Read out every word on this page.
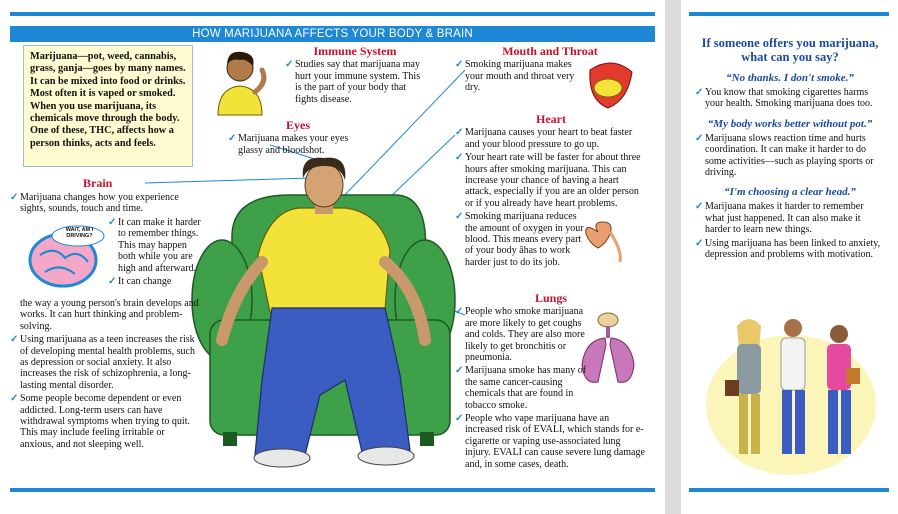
HOW MARIJUANA AFFECTS YOUR BODY & BRAIN
Marijuana—pot, weed, cannabis, grass, ganja—goes by many names. It can be mixed into food or drinks. Most often it is vaped or smoked. When you use marijuana, its chemicals move through the body. One of these, THC, affects how a person thinks, acts and feels.

Immune System

✓ Studies say that marijuana may hurt your immune system. This is the part of your body that fights disease.

Eyes

✓ Marijuana makes your eyes glassy and bloodshot.

Brain

WAIT, AM I DRIVING?

✓ Marijuana changes how you experience sights, sounds, touch and time.

✓ It can make it harder to remember things. This may happen both while you are high and afterward.

✓ It can change

the way a young person's brain develops and works. It can hurt thinking and problem-solving.

✓ Using marijuana as a teen increases the risk of developing mental health problems, such as depression or social anxiety. It also increases the risk of schizophrenia, a long-lasting mental disorder.

✓ Some people become dependent or even addicted. Long-term users can have withdrawal symptoms when trying to quit. This may include feeling irritable or anxious, and not sleeping well.

Mouth and Throat

✓ Smoking marijuana makes your mouth and throat very dry.

Heart

✓ Marijuana causes your heart to beat faster and your blood pressure to go up.

✓ Your heart rate will be faster for about three hours after smoking marijuana. This can increase your chance of having a heart attack, especially if you are an older person or if you already have heart problems.

✓ Smoking marijuana reduces the amount of oxygen in your blood. This means every part of your body âhas to work harder just to do its job.

Lungs

✓ People who smoke marijuana are more likely to get coughs and colds. They are also more likely to get bronchitis or pneumonia.

✓ Marijuana smoke has many of the same cancer-causing chemicals that are found in tobacco smoke.

✓ People who vape marijuana have an increased risk of EVALI, which stands for e-cigarette or vaping use-associated lung injury. EVALI can cause severe lung damage and, in some cases, death.

If someone offers you marijuana, what can you say?

“No thanks. I don't smoke.”

✓ You know that smoking cigarettes harms your health. Smoking marijuana does too.

“My body works better without pot.”

✓ Marijuana slows reaction time and hurts coordination. It can make it harder to do some activities—such as playing sports or driving.

“I'm choosing a clear head.”

✓ Marijuana makes it harder to remember what just happened. It can also make it harder to learn new things.

✓ Using marijuana has been linked to anxiety, depression and problems with motivation.
